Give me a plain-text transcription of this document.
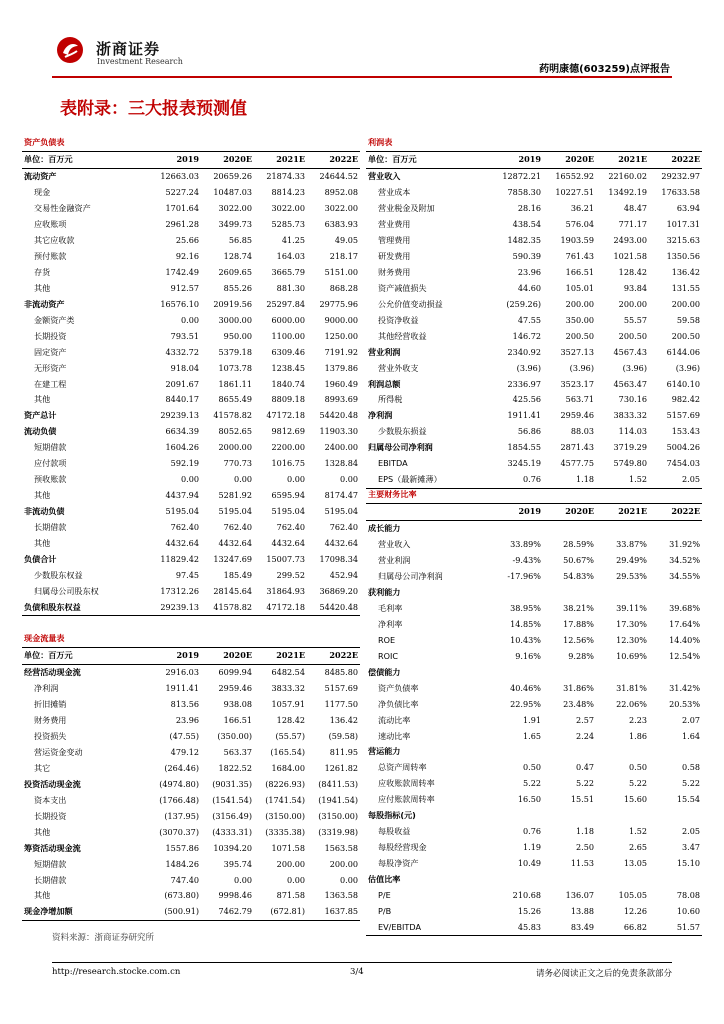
浙商证券
Investment Research
药明康德(603259)点评报告
表附录：三大报表预测值
资产负债表				
单位：百万元	2019	2020E	2021E	2022E
流动资产	12663.03	20659.26	21874.33	24644.52
现金	5227.24	10487.03	8814.23	8952.08
交易性金融资产	1701.64	3022.00	3022.00	3022.00
应收账项	2961.28	3499.73	5285.73	6383.93
其它应收款	25.66	56.85	41.25	49.05
预付账款	92.16	128.74	164.03	218.17
存货	1742.49	2609.65	3665.79	5151.00
其他	912.57	855.26	881.30	868.28
非流动资产	16576.10	20919.56	25297.84	29775.96
金额资产类	0.00	3000.00	6000.00	9000.00
长期投资	793.51	950.00	1100.00	1250.00
固定资产	4332.72	5379.18	6309.46	7191.92
无形资产	918.04	1073.78	1238.45	1379.86
在建工程	2091.67	1861.11	1840.74	1960.49
其他	8440.17	8655.49	8809.18	8993.69
资产总计	29239.13	41578.82	47172.18	54420.48
流动负债	6634.39	8052.65	9812.69	11903.30
短期借款	1604.26	2000.00	2200.00	2400.00
应付款项	592.19	770.73	1016.75	1328.84
预收账款	0.00	0.00	0.00	0.00
其他	4437.94	5281.92	6595.94	8174.47
非流动负债	5195.04	5195.04	5195.04	5195.04
长期借款	762.40	762.40	762.40	762.40
其他	4432.64	4432.64	4432.64	4432.64
负债合计	11829.42	13247.69	15007.73	17098.34
少数股东权益	97.45	185.49	299.52	452.94
归属母公司股东权	17312.26	28145.64	31864.93	36869.20
负债和股东权益	29239.13	41578.82	47172.18	54420.48
现金流量表				
单位：百万元	2019	2020E	2021E	2022E
经营活动现金流	2916.03	6099.94	6482.54	8485.80
净利润	1911.41	2959.46	3833.32	5157.69
折旧摊销	813.56	938.08	1057.91	1177.50
财务费用	23.96	166.51	128.42	136.42
投资损失	(47.55)	(350.00)	(55.57)	(59.58)
营运资金变动	479.12	563.37	(165.54)	811.95
其它	(264.46)	1822.52	1684.00	1261.82
投资活动现金流	(4974.80)	(9031.35)	(8226.93)	(8411.53)
资本支出	(1766.48)	(1541.54)	(1741.54)	(1941.54)
长期投资	(137.95)	(3156.49)	(3150.00)	(3150.00)
其他	(3070.37)	(4333.31)	(3335.38)	(3319.98)
筹资活动现金流	1557.86	10394.20	1071.58	1563.58
短期借款	1484.26	395.74	200.00	200.00
长期借款	747.40	0.00	0.00	0.00
其他	(673.80)	9998.46	871.58	1363.58
现金净增加额	(500.91)	7462.79	(672.81)	1637.85
利润表				
单位：百万元	2019	2020E	2021E	2022E
营业收入	12872.21	16552.92	22160.02	29232.97
营业成本	7858.30	10227.51	13492.19	17633.58
营业税金及附加	28.16	36.21	48.47	63.94
营业费用	438.54	576.04	771.17	1017.31
管理费用	1482.35	1903.59	2493.00	3215.63
研发费用	590.39	761.43	1021.58	1350.56
财务费用	23.96	166.51	128.42	136.42
资产减值损失	44.60	105.01	93.84	131.55
公允价值变动损益	(259.26)	200.00	200.00	200.00
投资净收益	47.55	350.00	55.57	59.58
其他经营收益	146.72	200.50	200.50	200.50
营业利润	2340.92	3527.13	4567.43	6144.06
营业外收支	(3.96)	(3.96)	(3.96)	(3.96)
利润总额	2336.97	3523.17	4563.47	6140.10
所得税	425.56	563.71	730.16	982.42
净利润	1911.41	2959.46	3833.32	5157.69
少数股东损益	56.86	88.03	114.03	153.43
归属母公司净利润	1854.55	2871.43	3719.29	5004.26
EBITDA	3245.19	4577.75	5749.80	7454.03
EPS（最新摊薄）	0.76	1.18	1.52	2.05
主要财务比率				
	2019	2020E	2021E	2022E
成长能力				
营业收入	33.89%	28.59%	33.87%	31.92%
营业利润	-9.43%	50.67%	29.49%	34.52%
归属母公司净利润	-17.96%	54.83%	29.53%	34.55%
获利能力				
毛利率	38.95%	38.21%	39.11%	39.68%
净利率	14.85%	17.88%	17.30%	17.64%
ROE	10.43%	12.56%	12.30%	14.40%
ROIC	9.16%	9.28%	10.69%	12.54%
偿债能力				
资产负债率	40.46%	31.86%	31.81%	31.42%
净负债比率	22.95%	23.48%	22.06%	20.53%
流动比率	1.91	2.57	2.23	2.07
速动比率	1.65	2.24	1.86	1.64
营运能力				
总资产周转率	0.50	0.47	0.50	0.58
应收账款周转率	5.22	5.22	5.22	5.22
应付账款周转率	16.50	15.51	15.60	15.54
每股指标(元)				
每股收益	0.76	1.18	1.52	2.05
每股经营现金	1.19	2.50	2.65	3.47
每股净资产	10.49	11.53	13.05	15.10
估值比率				
P/E	210.68	136.07	105.05	78.08
P/B	15.26	13.88	12.26	10.60
EV/EBITDA	45.83	83.49	66.82	51.57
资料来源：浙商证券研究所
http://research.stocke.com.cn	3/4	请务必阅读正文之后的免责条款部分
